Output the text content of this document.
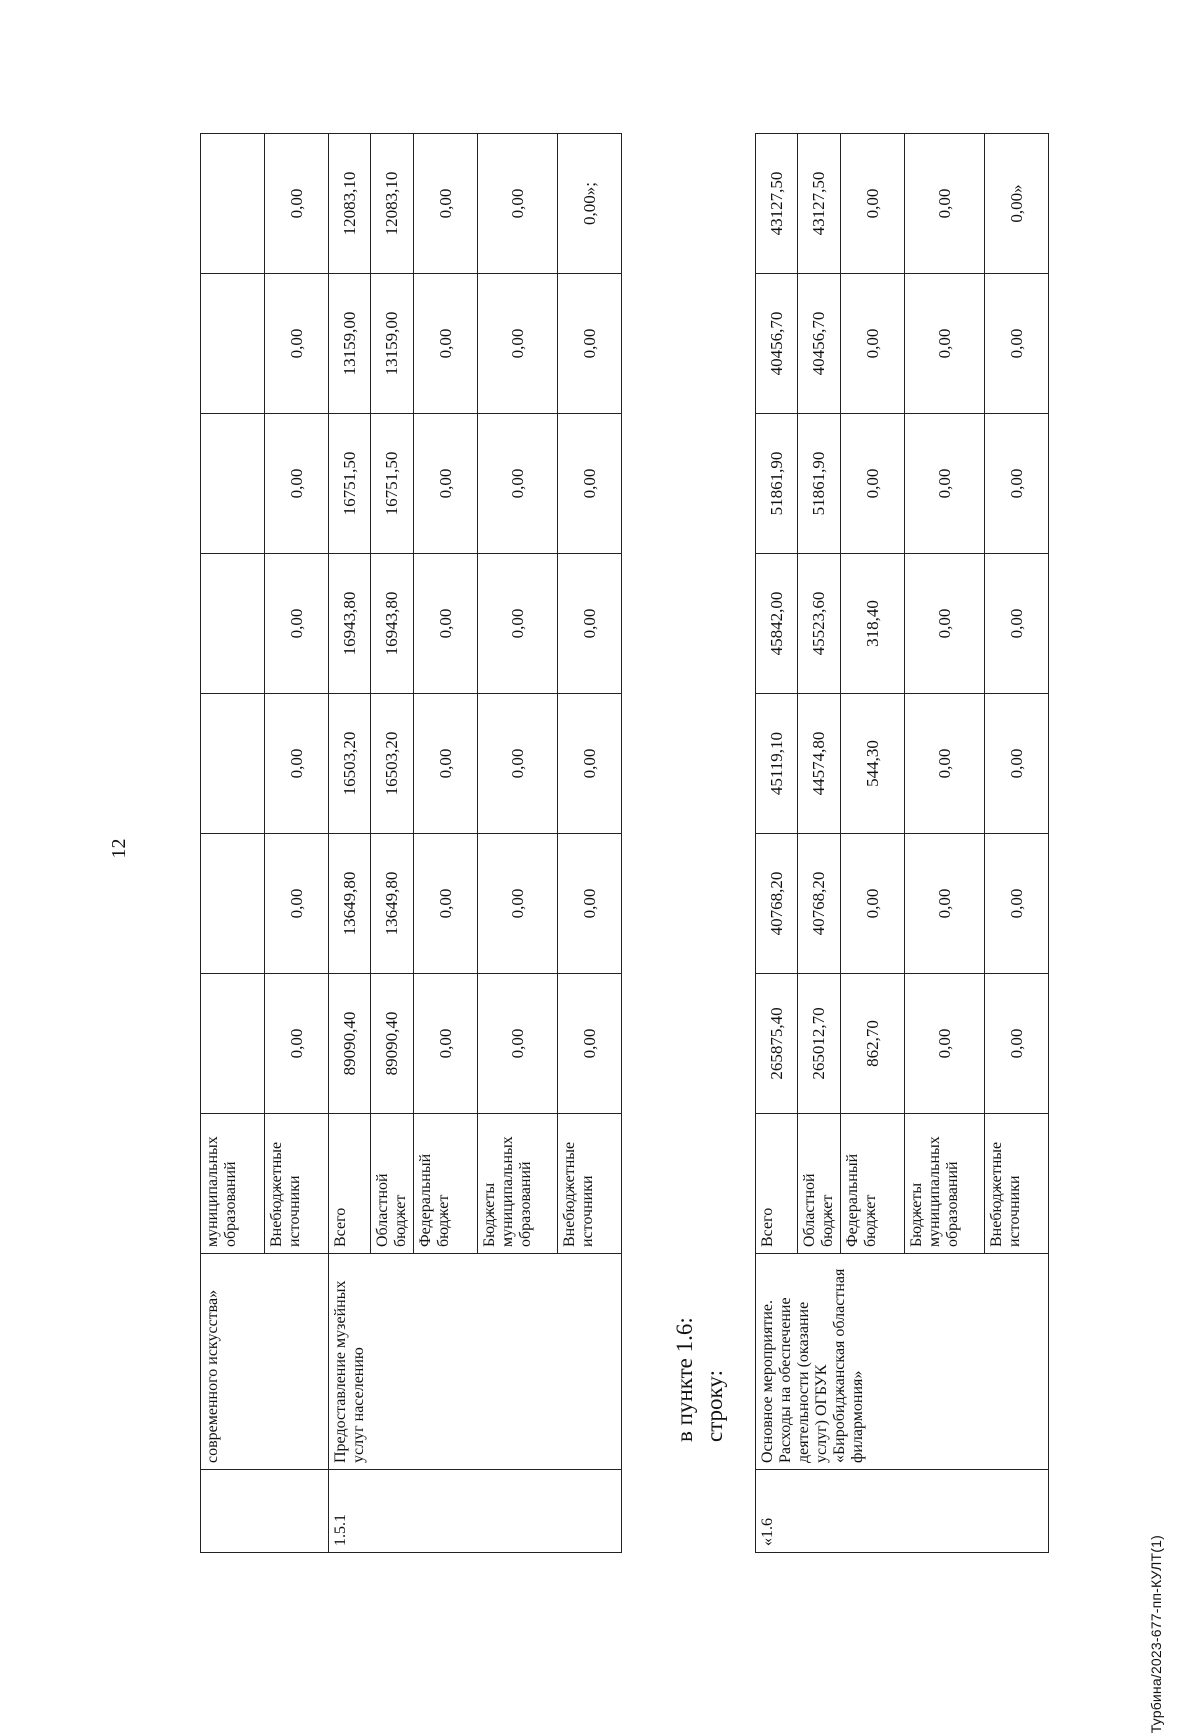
12
	современного искусства»	муниципальных образований							
		Внебюджетные источники	0,00	0,00	0,00	0,00	0,00	0,00	0,00
1.5.1	Предоставление музейных услуг населению	Всего	89090,40	13649,80	16503,20	16943,80	16751,50	13159,00	12083,10
		Областной бюджет	89090,40	13649,80	16503,20	16943,80	16751,50	13159,00	12083,10
		Федеральный бюджет	0,00	0,00	0,00	0,00	0,00	0,00	0,00
		Бюджеты муниципальных образований	0,00	0,00	0,00	0,00	0,00	0,00	0,00
		Внебюджетные источники	0,00	0,00	0,00	0,00	0,00	0,00	0,00»;
в пункте 1.6: строку:
«1.6	Основное мероприятие. Расходы на обеспечение деятельности (оказание услуг) ОГБУК «Биробиджанская областная филармония»	Всего	265875,40	40768,20	45119,10	45842,00	51861,90	40456,70	43127,50
		Областной бюджет	265012,70	40768,20	44574,80	45523,60	51861,90	40456,70	43127,50
		Федеральный бюджет	862,70	0,00	544,30	318,40	0,00	0,00	0,00
		Бюджеты муниципальных образований	0,00	0,00	0,00	0,00	0,00	0,00	0,00
		Внебюджетные источники	0,00	0,00	0,00	0,00	0,00	0,00	0,00»
Турбина/2023-677-пп-КУЛТ(1)
